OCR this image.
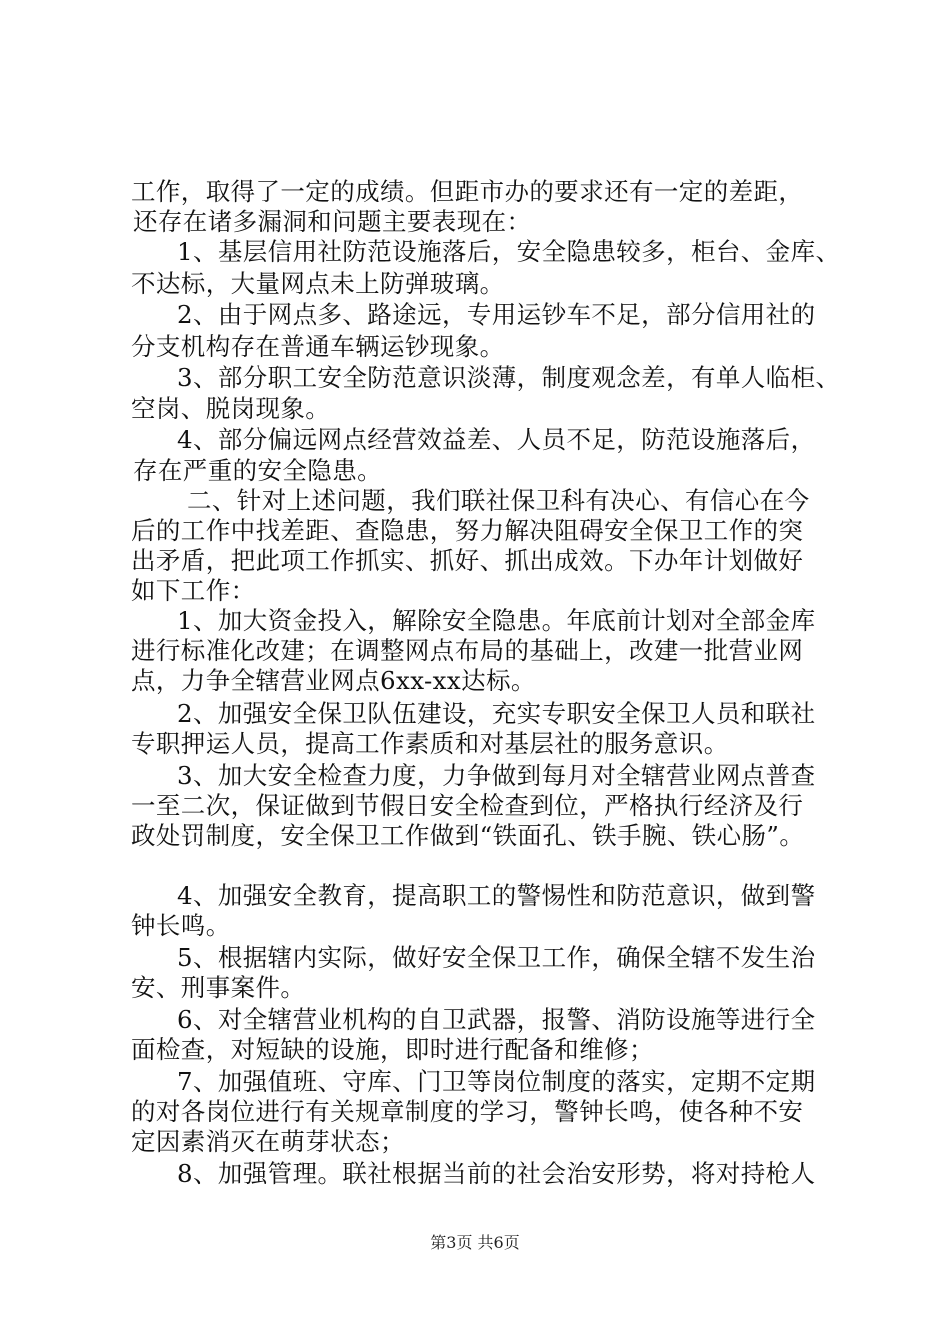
工作，取得了一定的成绩。但距市办的要求还有一定的差距，
还存在诸多漏洞和问题主要表现在：
1、基层信用社防范设施落后，安全隐患较多，柜台、金库、
不达标，大量网点未上防弹玻璃。
2、由于网点多、路途远，专用运钞车不足，部分信用社的
分支机构存在普通车辆运钞现象。
3、部分职工安全防范意识淡薄，制度观念差，有单人临柜、
空岗、脱岗现象。
4、部分偏远网点经营效益差、人员不足，防范设施落后，
存在严重的安全隐患。
二、针对上述问题，我们联社保卫科有决心、有信心在今
后的工作中找差距、查隐患，努力解决阻碍安全保卫工作的突
出矛盾，把此项工作抓实、抓好、抓出成效。下办年计划做好
如下工作：
1、加大资金投入，解除安全隐患。年底前计划对全部金库
进行标准化改建；在调整网点布局的基础上，改建一批营业网
点，力争全辖营业网点6xx-xx达标。
2、加强安全保卫队伍建设，充实专职安全保卫人员和联社
专职押运人员，提高工作素质和对基层社的服务意识。
3、加大安全检查力度，力争做到每月对全辖营业网点普查
一至二次，保证做到节假日安全检查到位，严格执行经济及行
政处罚制度，安全保卫工作做到“铁面孔、铁手腕、铁心肠”。
4、加强安全教育，提高职工的警惕性和防范意识，做到警
钟长鸣。
5、根据辖内实际，做好安全保卫工作，确保全辖不发生治
安、刑事案件。
6、对全辖营业机构的自卫武器，报警、消防设施等进行全
面检查，对短缺的设施，即时进行配备和维修；
7、加强值班、守库、门卫等岗位制度的落实，定期不定期
的对各岗位进行有关规章制度的学习，警钟长鸣，使各种不安
定因素消灭在萌芽状态；
8、加强管理。联社根据当前的社会治安形势，将对持枪人
第3页 共6页
